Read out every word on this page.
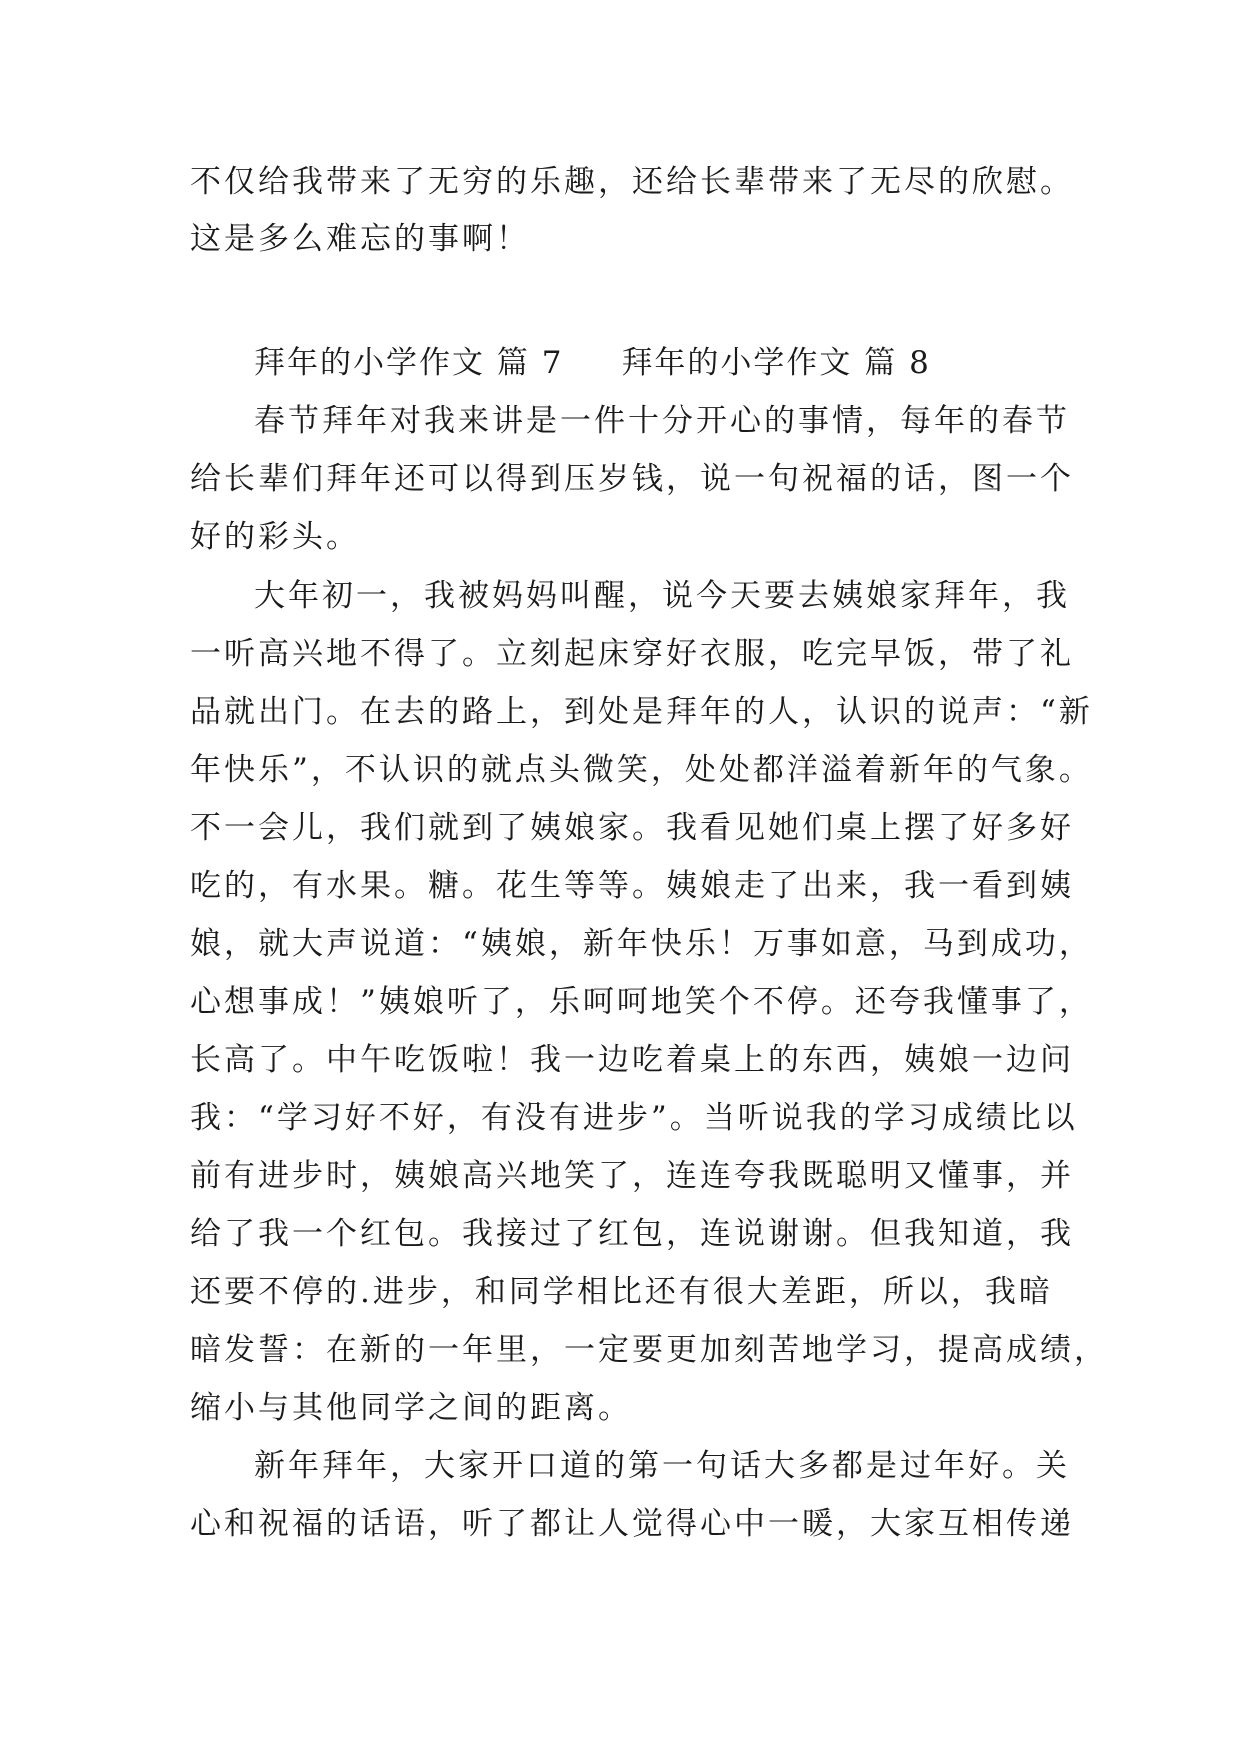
不仅给我带来了无穷的乐趣，还给长辈带来了无尽的欣慰。
这是多么难忘的事啊！
拜年的小学作文 篇 7 拜年的小学作文 篇 8
春节拜年对我来讲是一件十分开心的事情，每年的春节
给长辈们拜年还可以得到压岁钱，说一句祝福的话，图一个
好的彩头。
大年初一，我被妈妈叫醒，说今天要去姨娘家拜年，我
一听高兴地不得了。立刻起床穿好衣服，吃完早饭，带了礼
品就出门。在去的路上，到处是拜年的人，认识的说声：“新
年快乐”，不认识的就点头微笑，处处都洋溢着新年的气象。
不一会儿，我们就到了姨娘家。我看见她们桌上摆了好多好
吃的，有水果。糖。花生等等。姨娘走了出来，我一看到姨
娘，就大声说道：“姨娘，新年快乐！万事如意，马到成功，
心想事成！”姨娘听了，乐呵呵地笑个不停。还夸我懂事了，
长高了。中午吃饭啦！我一边吃着桌上的东西，姨娘一边问
我：“学习好不好，有没有进步”。当听说我的学习成绩比以
前有进步时，姨娘高兴地笑了，连连夸我既聪明又懂事，并
给了我一个红包。我接过了红包，连说谢谢。但我知道，我
还要不停的.进步，和同学相比还有很大差距，所以，我暗
暗发誓：在新的一年里，一定要更加刻苦地学习，提高成绩，
缩小与其他同学之间的距离。
新年拜年，大家开口道的第一句话大多都是过年好。关
心和祝福的话语，听了都让人觉得心中一暖，大家互相传递
